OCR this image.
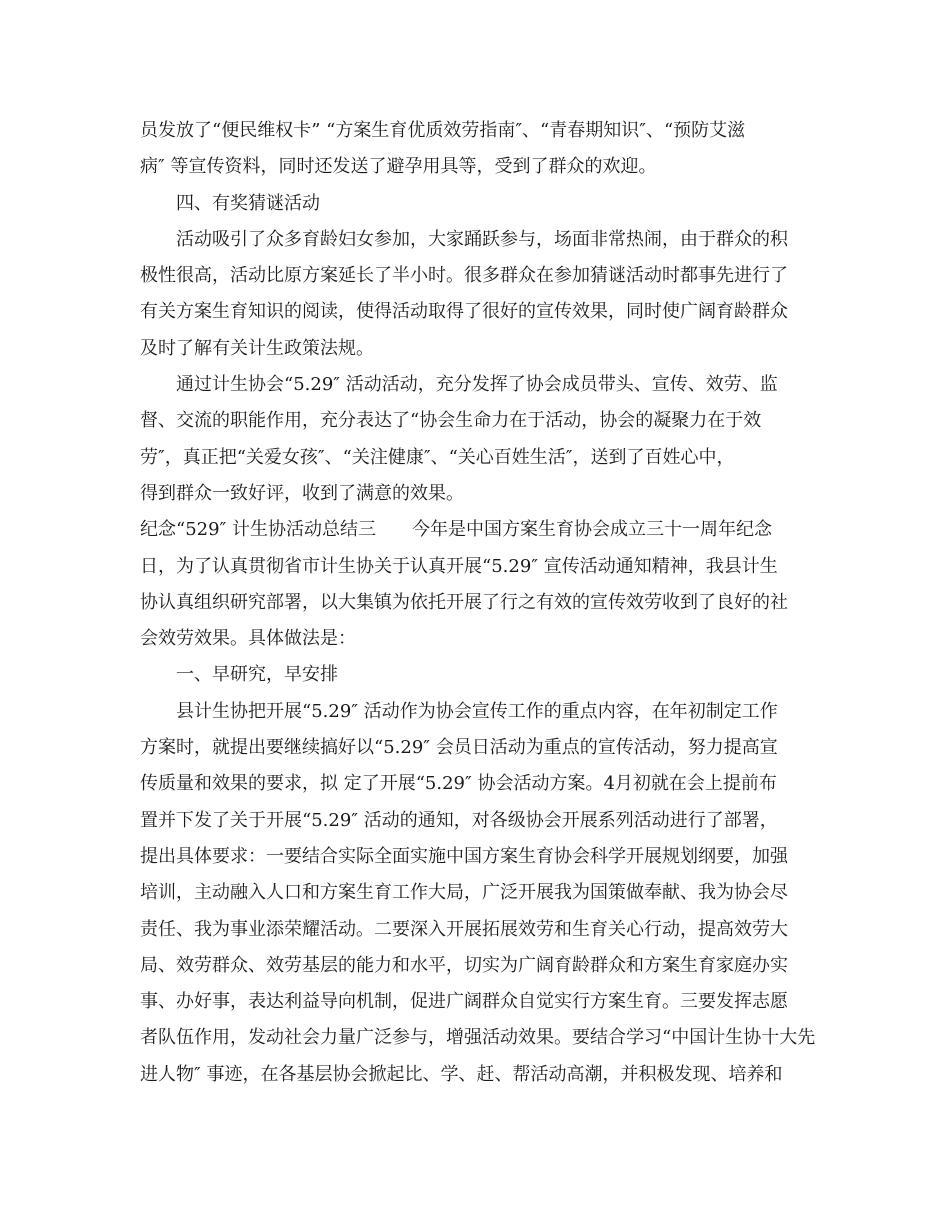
员发放了“便民维权卡” “方案生育优质效劳指南″、“青春期知识″、“预防艾滋
病″ 等宣传资料，同时还发送了避孕用具等，受到了群众的欢迎。
四、有奖猜谜活动
活动吸引了众多育龄妇女参加，大家踊跃参与，场面非常热闹，由于群众的积
极性很高，活动比原方案延长了半小时。很多群众在参加猜谜活动时都事先进行了
有关方案生育知识的阅读，使得活动取得了很好的宣传效果，同时使广阔育龄群众
及时了解有关计生政策法规。
通过计生协会“5.29″ 活动活动，充分发挥了协会成员带头、宣传、效劳、监
督、交流的职能作用，充分表达了“协会生命力在于活动，协会的凝聚力在于效
劳″，真正把“关爱女孩″、“关注健康″、“关心百姓生活″，送到了百姓心中，
得到群众一致好评，收到了满意的效果。
纪念“529″ 计生协活动总结三　　今年是中国方案生育协会成立三十一周年纪念
日，为了认真贯彻省市计生协关于认真开展“5.29″ 宣传活动通知精神，我县计生
协认真组织研究部署，以大集镇为依托开展了行之有效的宣传效劳收到了良好的社
会效劳效果。具体做法是：
一、早研究，早安排
县计生协把开展“5.29″ 活动作为协会宣传工作的重点内容，在年初制定工作
方案时，就提出要继续搞好以“5.29″ 会员日活动为重点的宣传活动，努力提高宣
传质量和效果的要求，拟 定了开展“5.29″ 协会活动方案。4月初就在会上提前布
置并下发了关于开展“5.29″ 活动的通知，对各级协会开展系列活动进行了部署，
提出具体要求：一要结合实际全面实施中国方案生育协会科学开展规划纲要，加强
培训，主动融入人口和方案生育工作大局，广泛开展我为国策做奉献、我为协会尽
责任、我为事业添荣耀活动。二要深入开展拓展效劳和生育关心行动，提高效劳大
局、效劳群众、效劳基层的能力和水平，切实为广阔育龄群众和方案生育家庭办实
事、办好事，表达利益导向机制，促进广阔群众自觉实行方案生育。三要发挥志愿
者队伍作用，发动社会力量广泛参与，增强活动效果。要结合学习“中国计生协十大先
进人物″ 事迹，在各基层协会掀起比、学、赶、帮活动高潮，并积极发现、培养和
